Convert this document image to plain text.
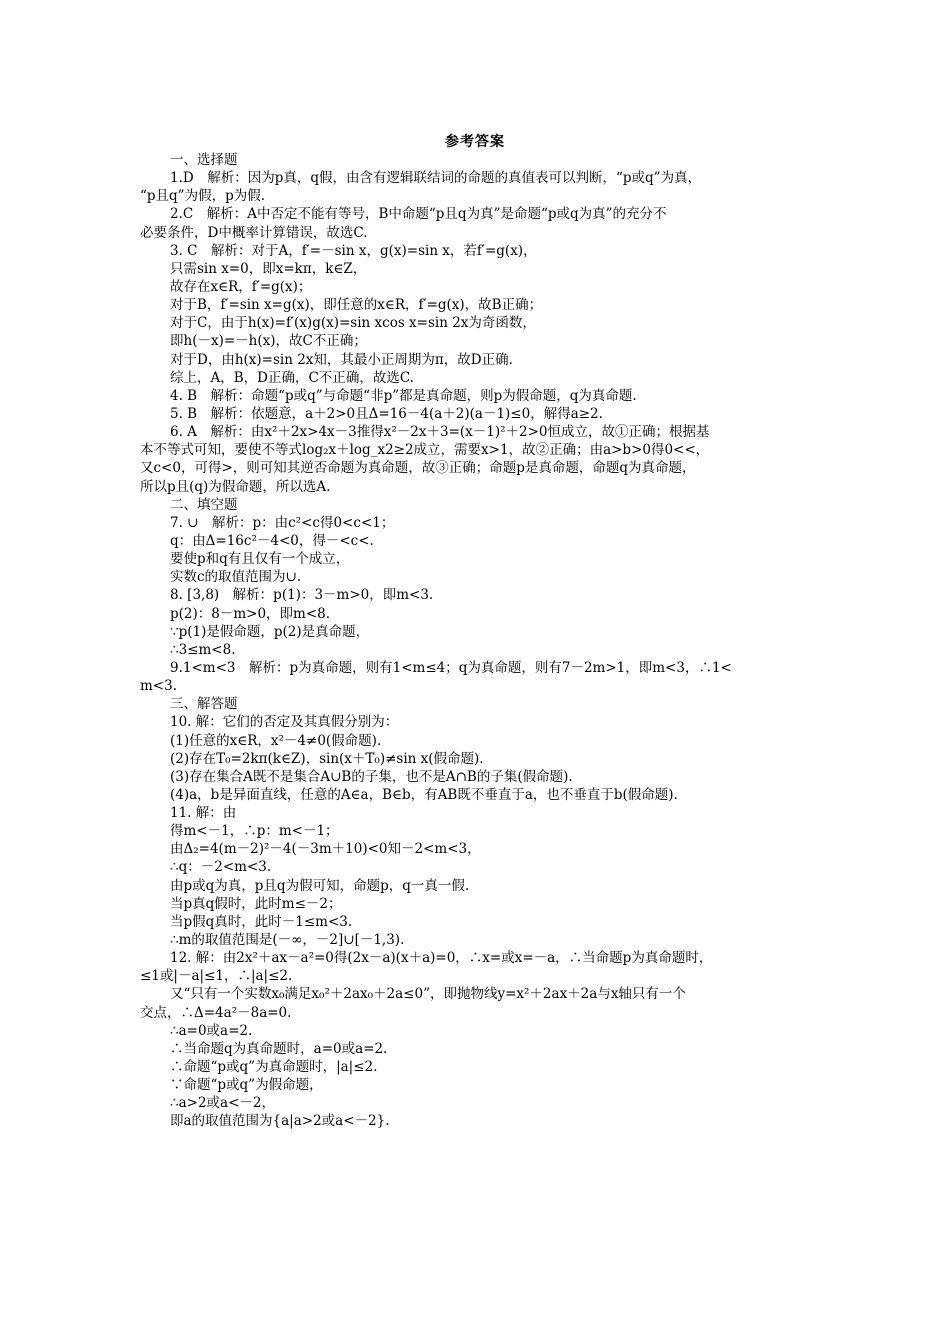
参考答案
一、选择题
1.D　解析：因为p真，q假，由含有逻辑联结词的命题的真值表可以判断，“p或q”为真，
“p且q”为假，p为假.
2.C　解析：A中否定不能有等号，B中命题“p且q为真”是命题“p或q为真”的充分不
必要条件，D中概率计算错误，故选C.
3. C　解析：对于A，f′=－sin x，g(x)=sin x，若f′=g(x)，
只需sin x=0，即x=kπ，k∈Z，
故存在x∈R，f′=g(x)；
对于B，f′=sin x=g(x)，即任意的x∈R，f′=g(x)，故B正确；
对于C，由于h(x)=f′(x)g(x)=sin xcos x=sin 2x为奇函数，
即h(－x)=－h(x)，故C不正确；
对于D，由h(x)=sin 2x知，其最小正周期为π，故D正确.
综上，A，B，D正确，C不正确，故选C.
4. B　解析：命题“p或q”与命题“非p”都是真命题，则p为假命题，q为真命题.
5. B　解析：依题意，a＋2>0且Δ=16－4(a＋2)(a－1)≤0，解得a≥2.
6. A　解析：由x²＋2x>4x－3推得x²－2x＋3=(x－1)²＋2>0恒成立，故①正确；根据基
本不等式可知，要使不等式log₂x＋log_x2≥2成立，需要x>1，故②正确；由a>b>0得0<<，
又c<0，可得>，则可知其逆否命题为真命题，故③正确；命题p是真命题，命题q为真命题，
所以p且(q)为假命题，所以选A.
二、填空题
7. ∪　解析：p：由c²<c得0<c<1；
q：由Δ=16c²－4<0，得－<c<.
要使p和q有且仅有一个成立，
实数c的取值范围为∪.
8. [3,8)　解析：p(1)：3－m>0，即m<3.
p(2)：8－m>0，即m<8.
∵p(1)是假命题，p(2)是真命题，
∴3≤m<8.
9.1<m<3　解析：p为真命题，则有1<m≤4；q为真命题，则有7－2m>1，即m<3，∴1<
m<3.
三、解答题
10. 解：它们的否定及其真假分别为：
(1)任意的x∈R，x²－4≠0(假命题).
(2)存在T₀=2kπ(k∈Z)，sin(x＋T₀)≠sin x(假命题).
(3)存在集合A既不是集合A∪B的子集，也不是A∩B的子集(假命题).
(4)a，b是异面直线，任意的A∈a，B∈b，有AB既不垂直于a，也不垂直于b(假命题).
11. 解：由
得m<－1，∴p：m<－1；
由Δ₂=4(m－2)²－4(－3m＋10)<0知－2<m<3，
∴q：－2<m<3.
由p或q为真，p且q为假可知，命题p，q一真一假.
当p真q假时，此时m≤－2；
当p假q真时，此时－1≤m<3.
∴m的取值范围是(－∞，－2]∪[－1,3).
12. 解：由2x²＋ax－a²=0得(2x－a)(x＋a)=0，∴x=或x=－a，∴当命题p为真命题时，
≤1或|－a|≤1，∴|a|≤2.
又“只有一个实数x₀满足x₀²＋2ax₀＋2a≤0”，即抛物线y=x²＋2ax＋2a与x轴只有一个
交点，∴Δ=4a²－8a=0.
∴a=0或a=2.
∴当命题q为真命题时，a=0或a=2.
∴命题“p或q”为真命题时，|a|≤2.
∵命题“p或q”为假命题，
∴a>2或a<－2，
即a的取值范围为{a|a>2或a<－2}.
